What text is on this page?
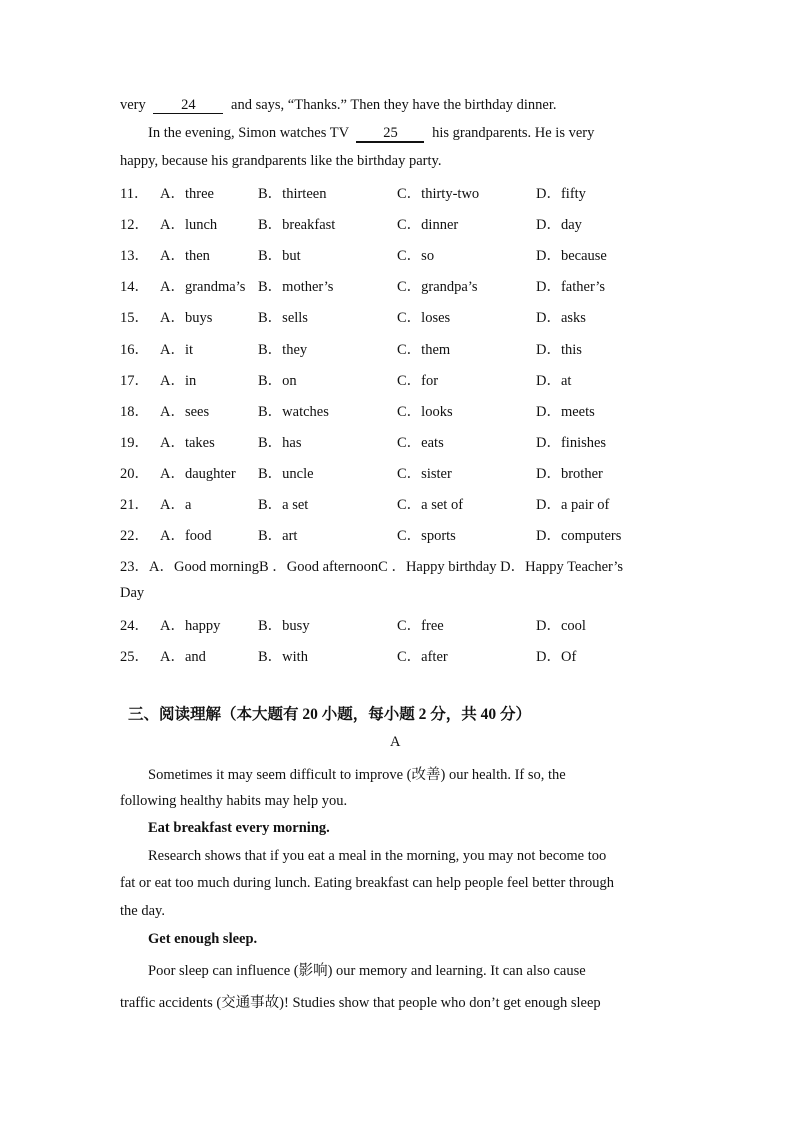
very 24 and says, “Thanks.” Then they have the birthday dinner.
In the evening, Simon watches TV 25 his grandparents. He is very
happy, because his grandparents like the birthday party.
11． A．three	B．thirteen	C．thirty-two	D．fifty
12． A．lunch	B．breakfast	C．dinner	D．day
13． A．then	B．but	C．so	D．because
14． A．grandma’s B．mother’s	C．grandpa’s	D．father’s
15． A．buys	B．sells	C．loses	D．asks
16． A．it	B．they	C．them	D．this
17． A．in	B．on	C．for	D．at
18． A．sees	B．watches	C．looks	D．meets
19． A．takes	B．has	C．eats	D．finishes
20． A．daughter B．uncle	C．sister	D．brother
21． A．a	B．a set	C．a set of	D．a pair of
22． A．food	B．art	C．sports	D．computers
23．A．Good morningB ．Good afternoonC ．Happy birthday D．Happy Teacher’s
Day
24． A．happy	B．busy	C．free	D．cool
25． A．and	B．with	C．after	D．Of
三、阅读理解（本大题有 20 小题，每小题 2 分，共 40 分）
A
Sometimes it may seem difficult to improve (改善) our health. If so, the
following healthy habits may help you.
Eat breakfast every morning.
Research shows that if you eat a meal in the morning, you may not become too
fat or eat too much during lunch. Eating breakfast can help people feel better through
the day.
Get enough sleep.
Poor sleep can influence (影响) our memory and learning. It can also cause
traffic accidents (交通事故)! Studies show that people who don’t get enough sleep
